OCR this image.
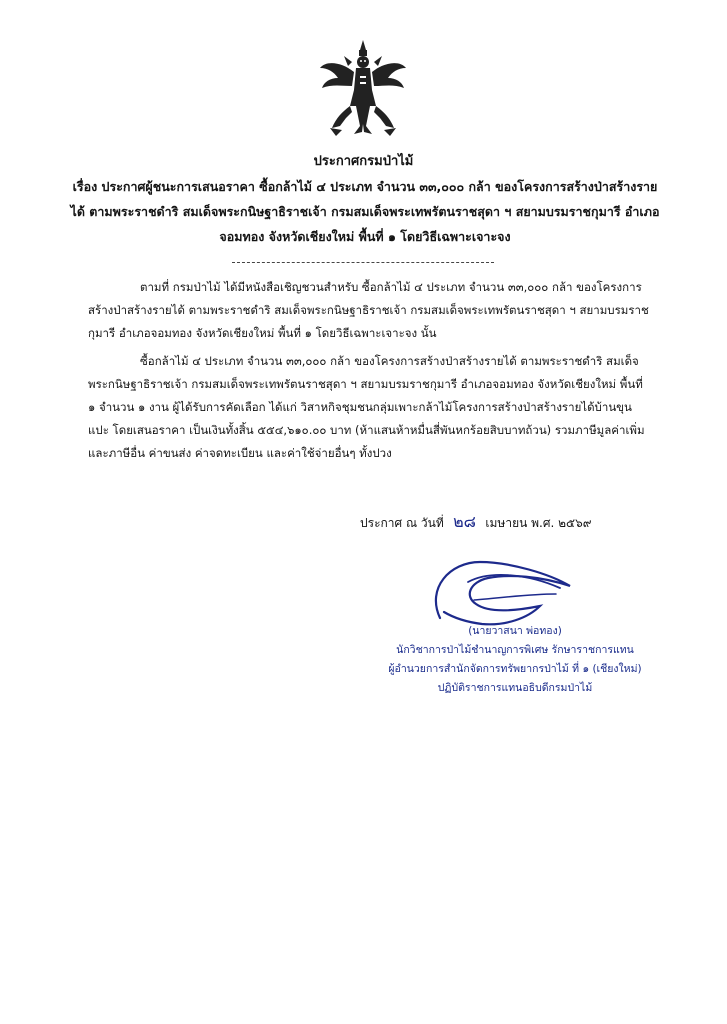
ประกาศกรมป่าไม้
เรื่อง ประกาศผู้ชนะการเสนอราคา ซื้อกล้าไม้ ๔ ประเภท จำนวน ๓๓,๐๐๐ กล้า ของโครงการสร้างป่าสร้างราย
ได้ ตามพระราชดำริ สมเด็จพระกนิษฐาธิราชเจ้า กรมสมเด็จพระเทพรัตนราชสุดา ฯ สยามบรมราชกุมารี อำเภอ
จอมทอง จังหวัดเชียงใหม่ พื้นที่ ๑ โดยวิธีเฉพาะเจาะจง
ตามที่ กรมป่าไม้ ได้มีหนังสือเชิญชวนสำหรับ ซื้อกล้าไม้ ๔ ประเภท จำนวน ๓๓,๐๐๐ กล้า ของโครงการ
สร้างป่าสร้างรายได้ ตามพระราชดำริ สมเด็จพระกนิษฐาธิราชเจ้า กรมสมเด็จพระเทพรัตนราชสุดา ฯ สยามบรมราช
กุมารี อำเภอจอมทอง จังหวัดเชียงใหม่ พื้นที่ ๑ โดยวิธีเฉพาะเจาะจง นั้น
ซื้อกล้าไม้ ๔ ประเภท จำนวน ๓๓,๐๐๐ กล้า ของโครงการสร้างป่าสร้างรายได้ ตามพระราชดำริ สมเด็จ
พระกนิษฐาธิราชเจ้า กรมสมเด็จพระเทพรัตนราชสุดา ฯ สยามบรมราชกุมารี อำเภอจอมทอง จังหวัดเชียงใหม่ พื้นที่
๑ จำนวน ๑ งาน ผู้ได้รับการคัดเลือก ได้แก่ วิสาหกิจชุมชนกลุ่มเพาะกล้าไม้โครงการสร้างป่าสร้างรายได้บ้านขุน
แปะ โดยเสนอราคา เป็นเงินทั้งสิ้น ๕๕๔,๖๑๐.๐๐ บาท (ห้าแสนห้าหมื่นสี่พันหกร้อยสิบบาทถ้วน) รวมภาษีมูลค่าเพิ่ม
และภาษีอื่น ค่าขนส่ง ค่าจดทะเบียน และค่าใช้จ่ายอื่นๆ ทั้งปวง
ประกาศ ณ วันที่ ๒๘ เมษายน พ.ศ. ๒๕๖๙
(นายวาสนา พ่อทอง)
นักวิชาการป่าไม้ชำนาญการพิเศษ รักษาราชการแทน
ผู้อำนวยการสำนักจัดการทรัพยากรป่าไม้ ที่ ๑ (เชียงใหม่)
ปฏิบัติราชการแทนอธิบดีกรมป่าไม้
